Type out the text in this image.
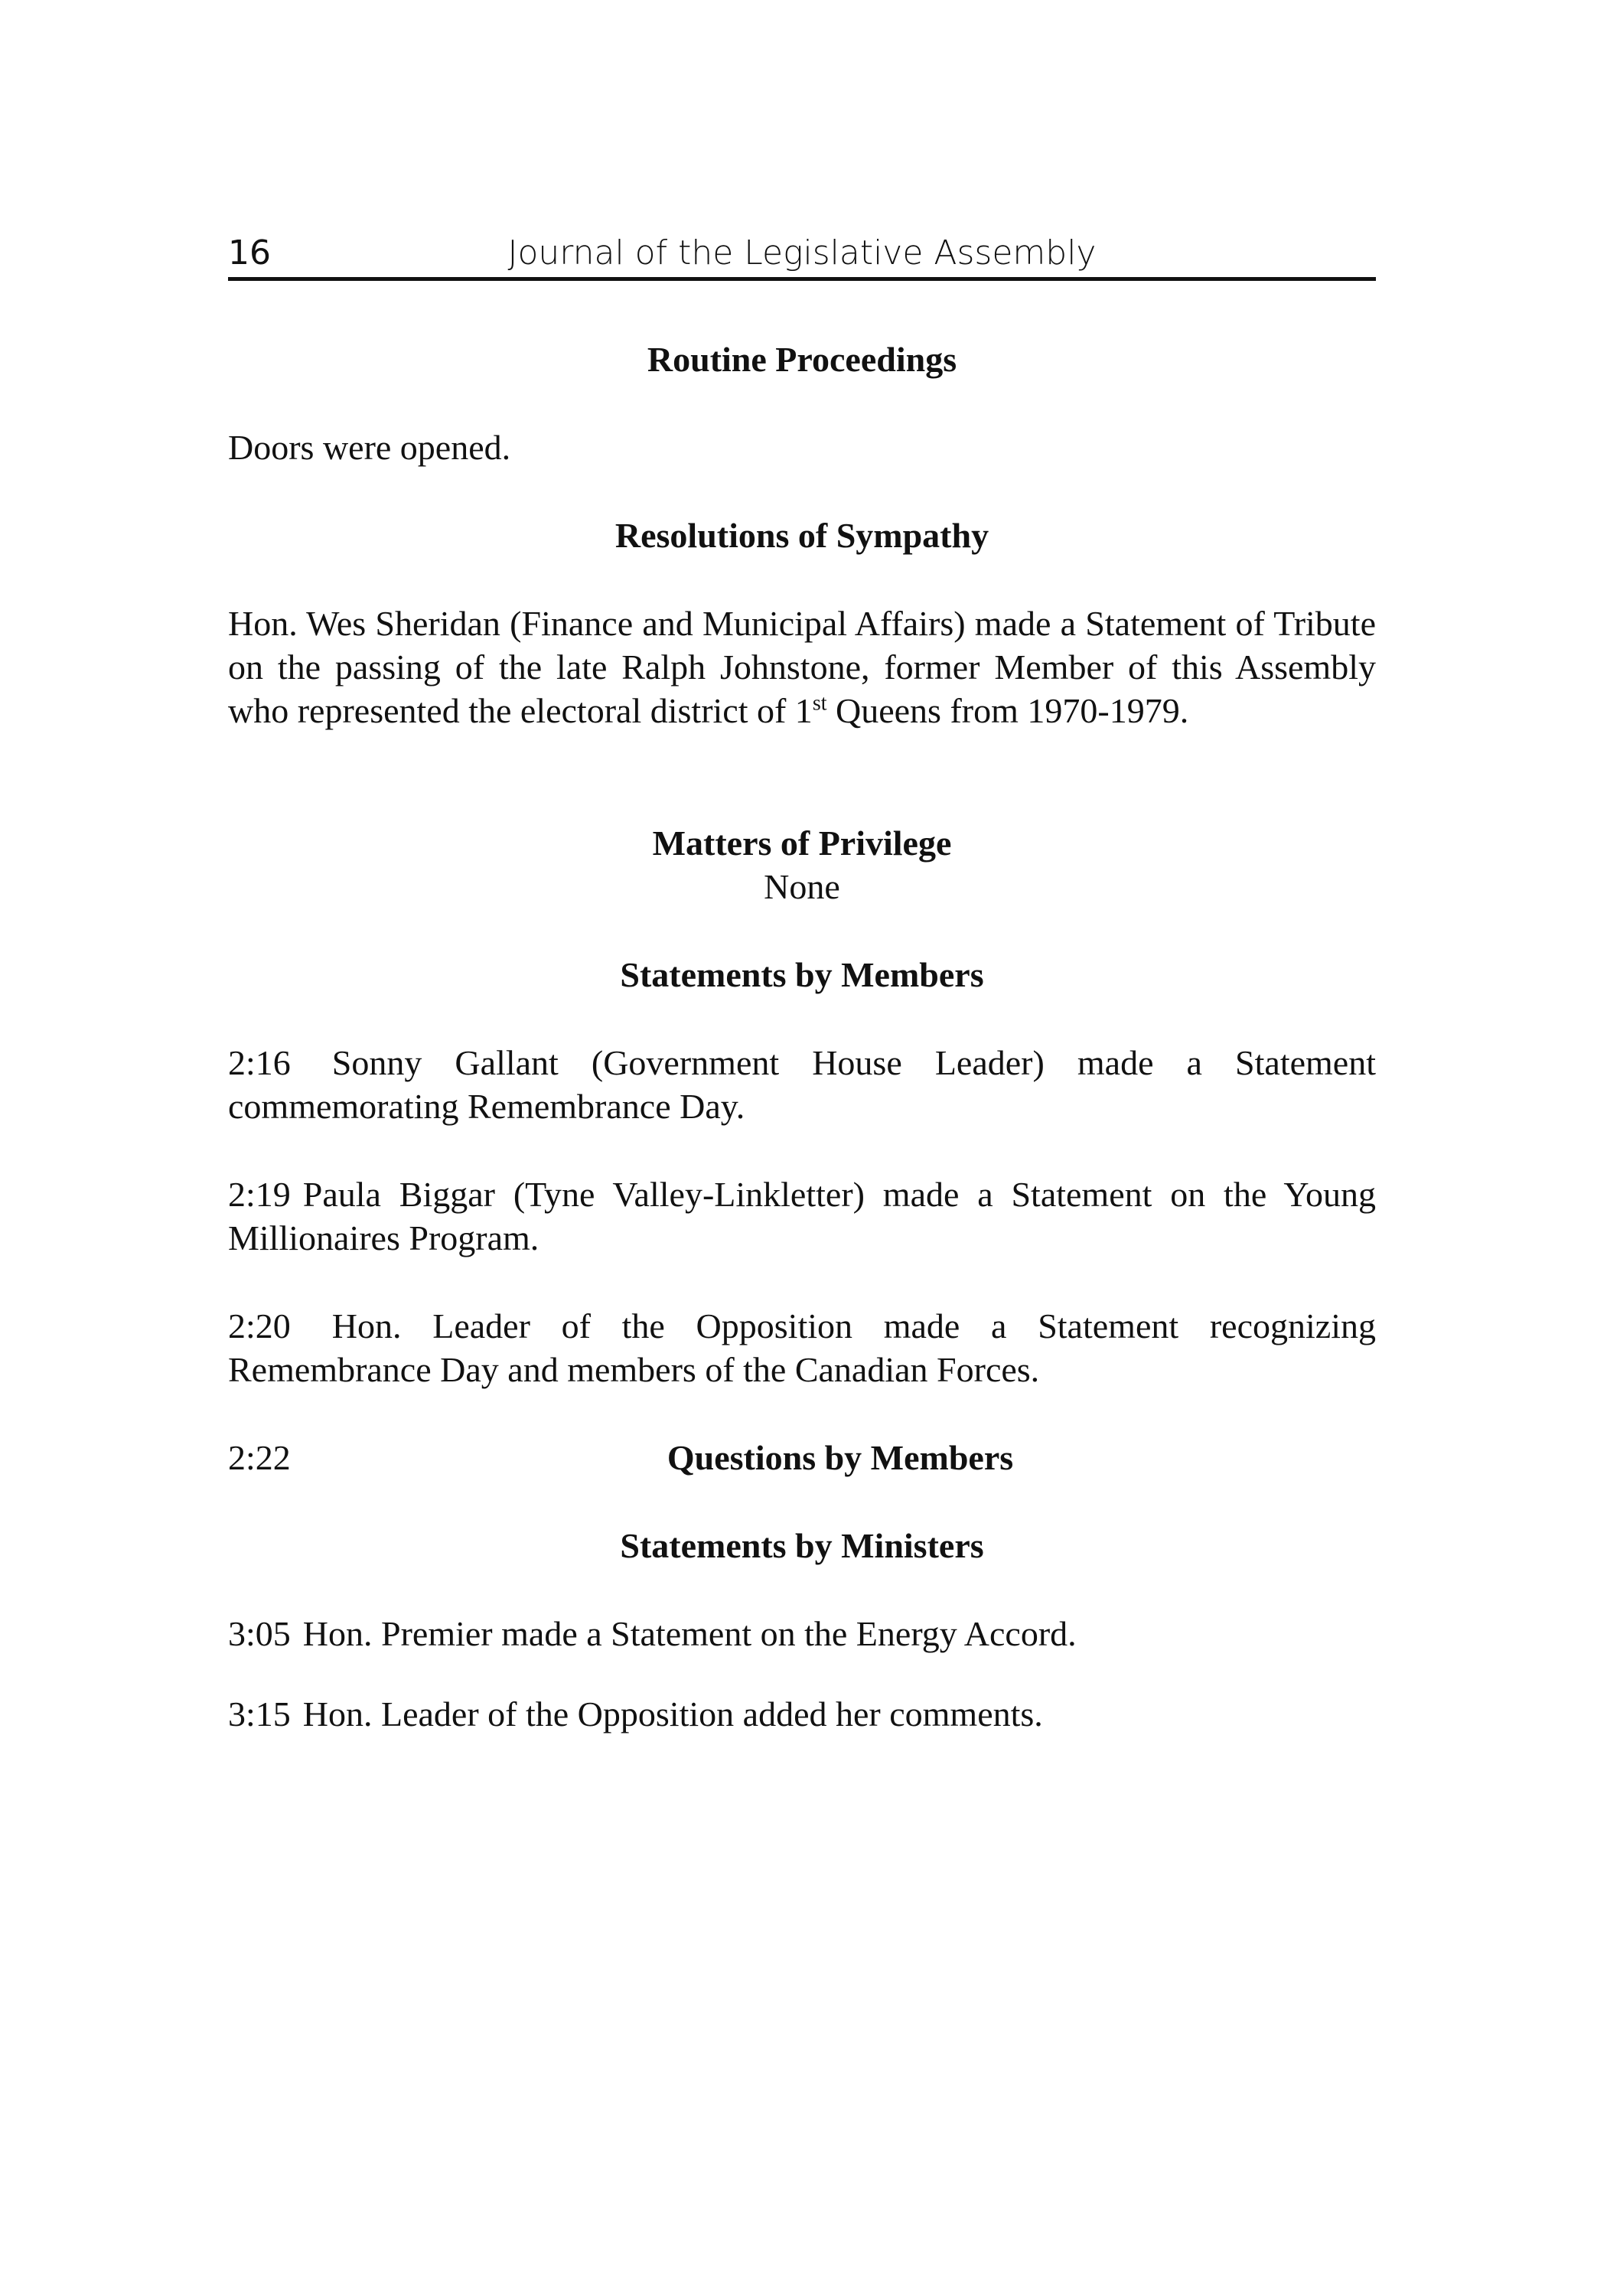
16	Journal of the Legislative Assembly
Routine Proceedings
Doors were opened.
Resolutions of Sympathy
Hon. Wes Sheridan (Finance and Municipal Affairs) made a Statement of Tribute on the passing of the late Ralph Johnstone, former Member of this Assembly who represented the electoral district of 1st Queens from 1970-1979.
Matters of Privilege
None
Statements by Members
2:16 Sonny Gallant (Government House Leader) made a Statement commemorating Remembrance Day.
2:19 Paula Biggar (Tyne Valley-Linkletter) made a Statement on the Young Millionaires Program.
2:20 Hon. Leader of the Opposition made a Statement recognizing Remembrance Day and members of the Canadian Forces.
2:22	Questions by Members
Statements by Ministers
3:05 Hon. Premier made a Statement on the Energy Accord.
3:15 Hon. Leader of the Opposition added her comments.
